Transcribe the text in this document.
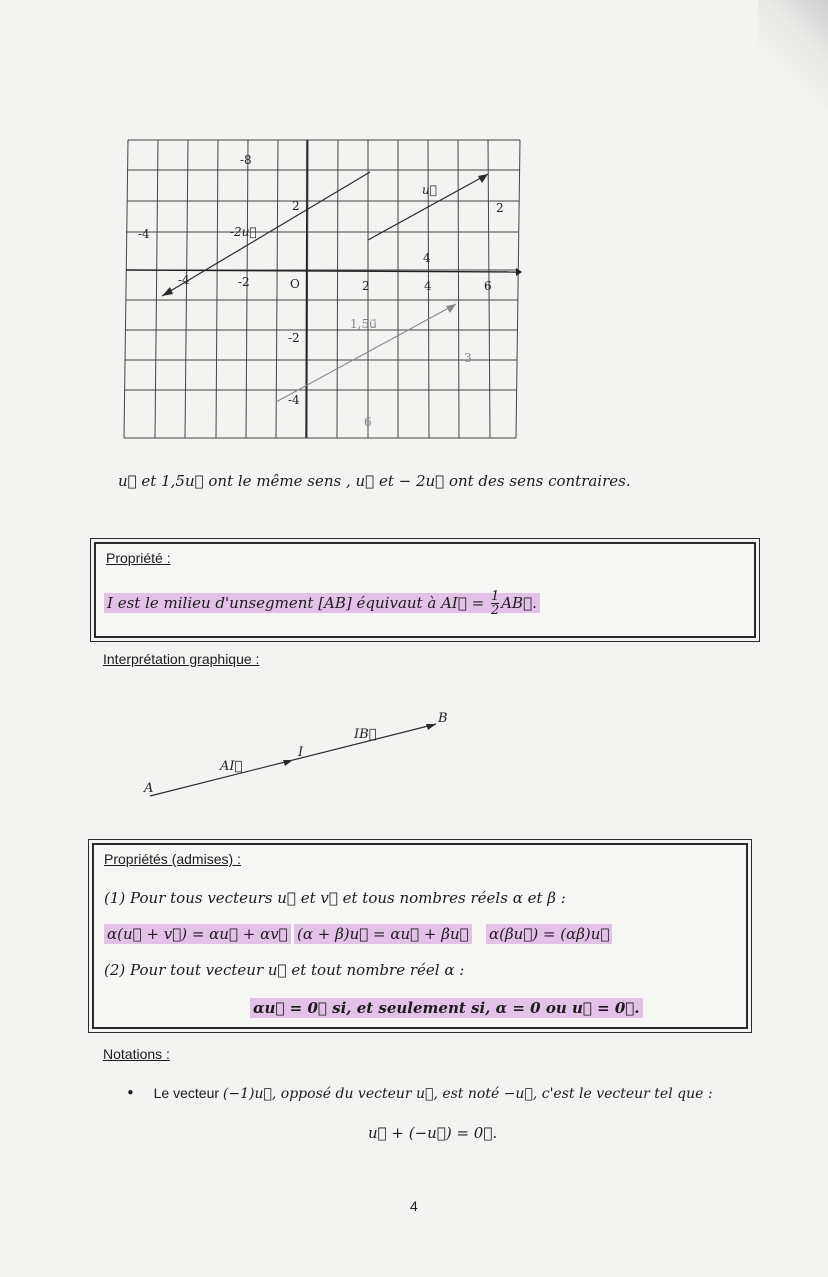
-8
2
-4	-2u⃗
u⃗
2
4
-4	-2	O	2	4	6
1,5u⃗
-2
3
-4
6
u⃗ et 1,5u⃗ ont le même sens , u⃗ et − 2u⃗ ont des sens contraires.
Propriété :
I est le milieu d'unsegment [AB] équivaut à AI⃗ = $\frac{1}{2}$ AB⃗.
Interprétation graphique :
A
I
B
AI⃗
IB⃗
Propriétés (admises) :
(1) Pour tous vecteurs u⃗ et v⃗ et tous nombres réels α et β :
α(u⃗ + v⃗) = αu⃗ + αv⃗ (α + β)u⃗ = αu⃗ + βu⃗ α(βu⃗) = (αβ)u⃗
(2) Pour tout vecteur u⃗ et tout nombre réel α :
αu⃗ = 0⃗ si, et seulement si, α = 0 ou u⃗ = 0⃗.
Notations :
• Le vecteur (−1)u⃗, opposé du vecteur u⃗, est noté −u⃗, c'est le vecteur tel que :
u⃗ + (−u⃗) = 0⃗.
4
